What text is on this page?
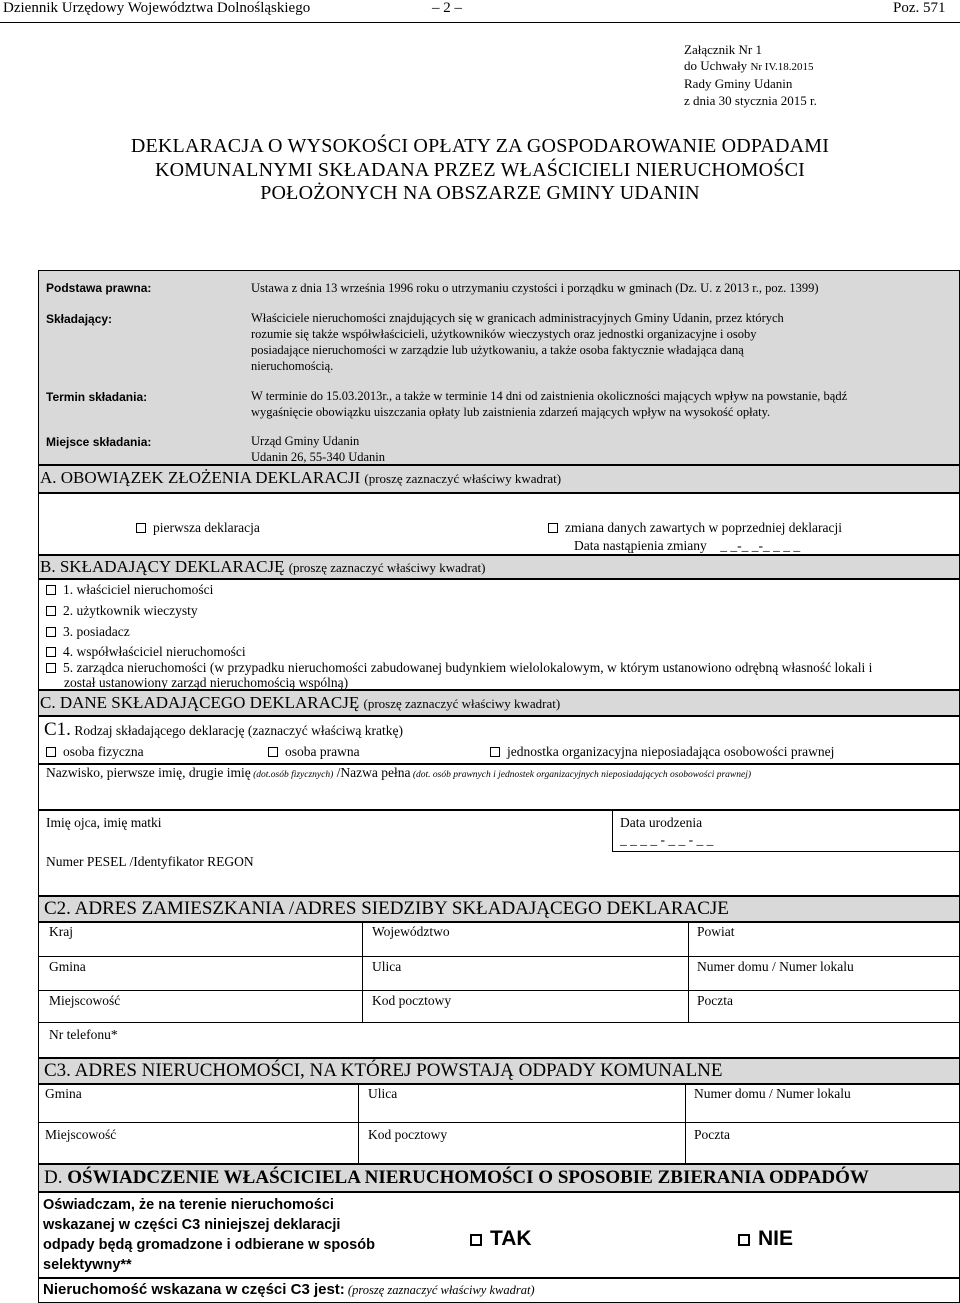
Dziennik Urzędowy Województwa Dolnośląskiego	– 2 –	Poz. 571
Załącznik Nr 1
do Uchwały Nr IV.18.2015
Rady Gminy Udanin
z dnia 30 stycznia 2015 r.
DEKLARACJA O WYSOKOŚCI OPŁATY ZA GOSPODAROWANIE ODPADAMI
KOMUNALNYMI SKŁADANA PRZEZ WŁAŚCICIELI NIERUCHOMOŚCI
POŁOŻONYCH NA OBSZARZE GMINY UDANIN
Podstawa prawna:	Ustawa z dnia 13 września 1996 roku o utrzymaniu czystości i porządku w gminach (Dz. U. z 2013 r., poz. 1399)
Składający:	Właściciele nieruchomości znajdujących się w granicach administracyjnych Gminy Udanin, przez których
rozumie się także współwłaścicieli, użytkowników wieczystych oraz jednostki organizacyjne i osoby
posiadające nieruchomości w zarządzie lub użytkowaniu, a także osoba faktycznie władająca daną
nieruchomością.
Termin składania:	W terminie do 15.03.2013r., a także w terminie 14 dni od zaistnienia okoliczności mających wpływ na powstanie, bądź
wygaśnięcie obowiązku uiszczania opłaty lub zaistnienia zdarzeń mających wpływ na wysokość opłaty.
Miejsce składania:	Urząd Gminy Udanin
Udanin 26, 55-340 Udanin
A. OBOWIĄZEK ZŁOŻENIA DEKLARACJI (proszę zaznaczyć właściwy kwadrat)
pierwsza deklaracja	zmiana danych zawartych w poprzedniej deklaracji
Data nastąpienia zmiany _ _-_ _-_ _ _ _
B. SKŁADAJĄCY DEKLARACJĘ (proszę zaznaczyć właściwy kwadrat)
1. właściciel nieruchomości
2. użytkownik wieczysty
3. posiadacz
4. współwłaściciel nieruchomości
5. zarządca nieruchomości (w przypadku nieruchomości zabudowanej budynkiem wielolokalowym, w którym ustanowiono odrębną własność lokali i
został ustanowiony zarząd nieruchomością wspólną)
C. DANE SKŁADAJĄCEGO DEKLARACJĘ (proszę zaznaczyć właściwy kwadrat)
C1. Rodzaj składającego deklarację (zaznaczyć właściwą kratkę)
osoba fizyczna	osoba prawna	jednostka organizacyjna nieposiadająca osobowości prawnej
Nazwisko, pierwsze imię, drugie imię (dot.osób fizycznych) /Nazwa pełna (dot. osób prawnych i jednostek organizacyjnych nieposiadających osobowości prawnej)
Imię ojca, imię matki	Data urodzenia
_ _ _ _ - _ _ - _ _
Numer PESEL /Identyfikator REGON
C2. ADRES ZAMIESZKANIA /ADRES SIEDZIBY SKŁADAJĄCEGO DEKLARACJE
Kraj	Województwo	Powiat
Gmina	Ulica	Numer domu / Numer lokalu
Miejscowość	Kod pocztowy	Poczta
Nr telefonu*
C3. ADRES NIERUCHOMOŚCI, NA KTÓREJ POWSTAJĄ ODPADY KOMUNALNE
Gmina	Ulica	Numer domu / Numer lokalu
Miejscowość	Kod pocztowy	Poczta
D. OŚWIADCZENIE WŁAŚCICIELA NIERUCHOMOŚCI O SPOSOBIE ZBIERANIA ODPADÓW
Oświadczam, że na terenie nieruchomości
wskazanej w części C3 niniejszej deklaracji
odpady będą gromadzone i odbierane w sposób
selektywny**
TAK	NIE
Nieruchomość wskazana w części C3 jest: (proszę zaznaczyć właściwy kwadrat)
